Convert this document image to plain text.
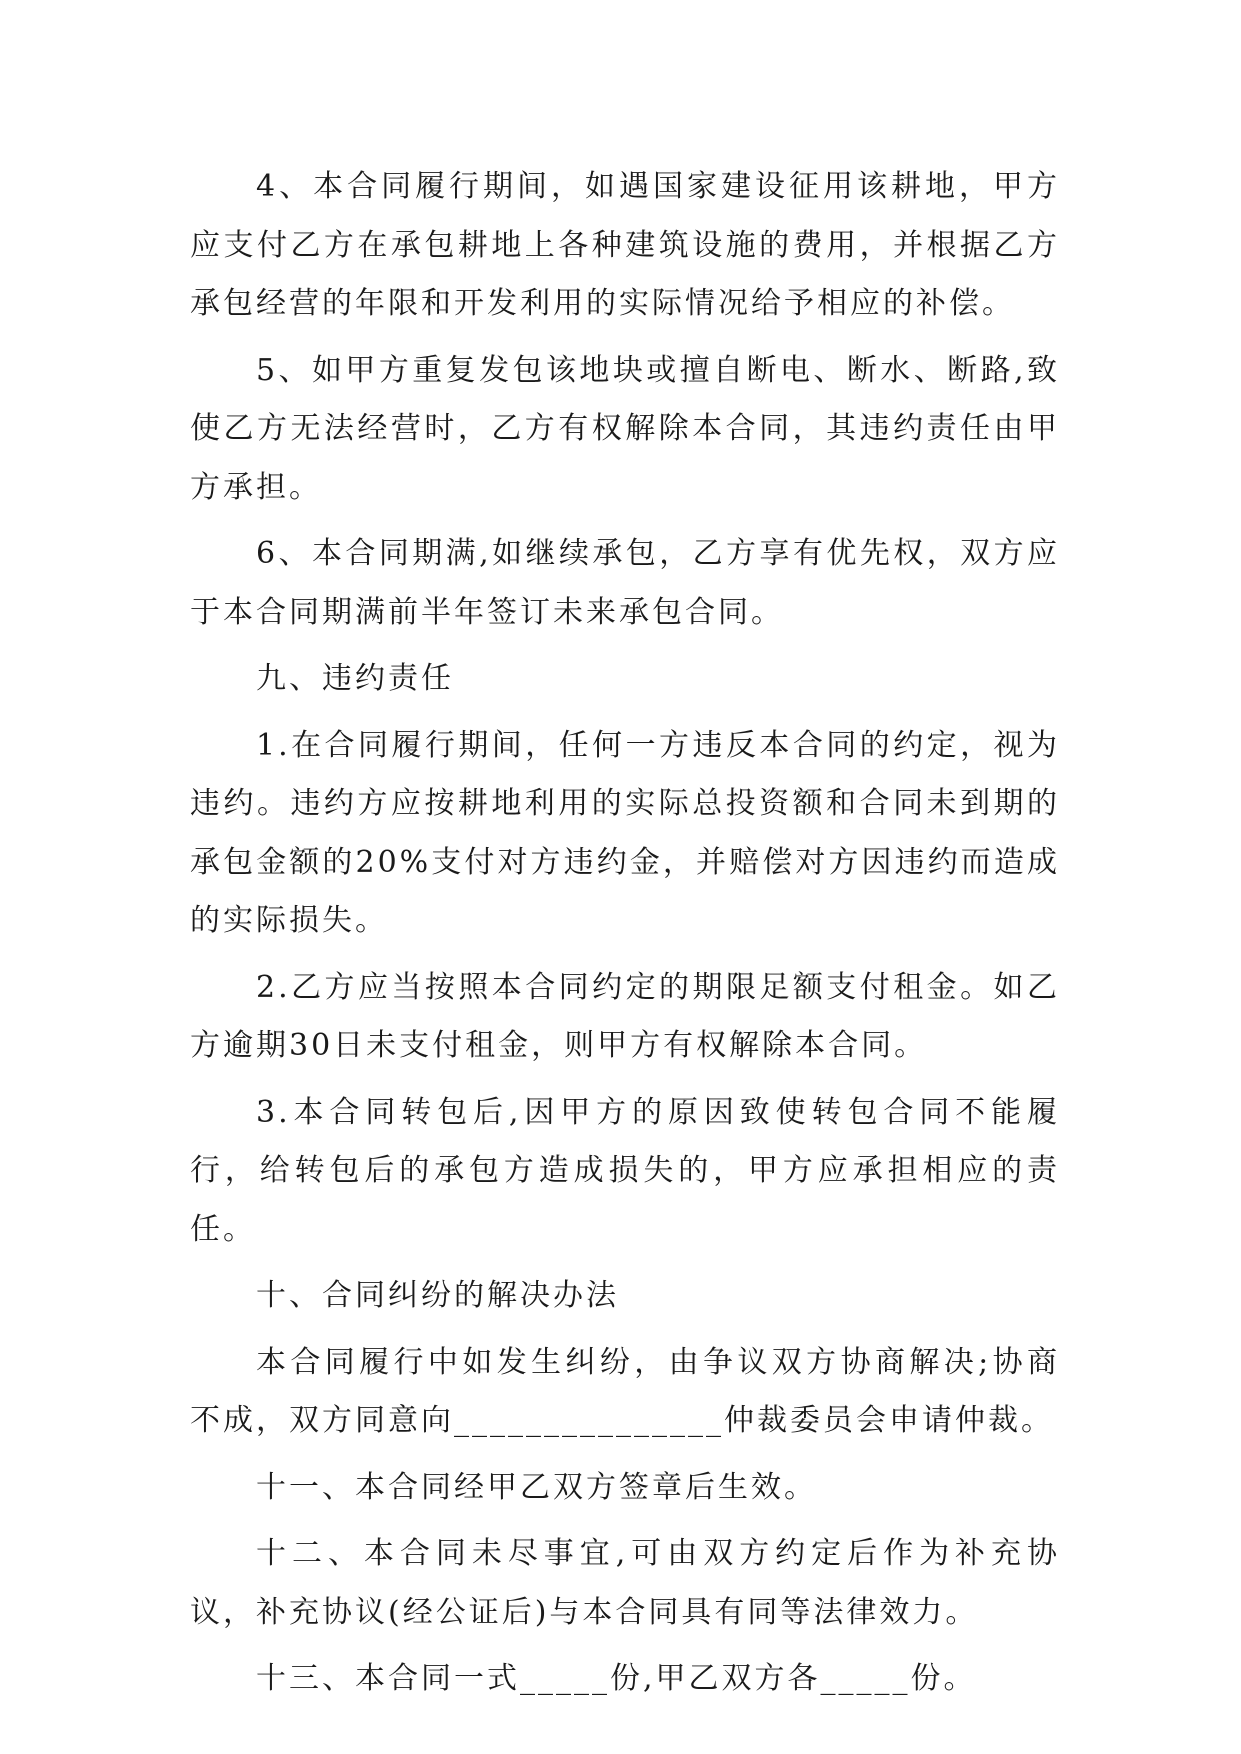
4、本合同履行期间，如遇国家建设征用该耕地，甲方应支付乙方在承包耕地上各种建筑设施的费用，并根据乙方承包经营的年限和开发利用的实际情况给予相应的补偿。

5、如甲方重复发包该地块或擅自断电、断水、断路,致使乙方无法经营时，乙方有权解除本合同，其违约责任由甲方承担。

6、本合同期满,如继续承包，乙方享有优先权，双方应于本合同期满前半年签订未来承包合同。

九、违约责任

1.在合同履行期间，任何一方违反本合同的约定，视为违约。违约方应按耕地利用的实际总投资额和合同未到期的承包金额的20%支付对方违约金，并赔偿对方因违约而造成的实际损失。

2.乙方应当按照本合同约定的期限足额支付租金。如乙方逾期30日未支付租金，则甲方有权解除本合同。

3.本合同转包后,因甲方的原因致使转包合同不能履行，给转包后的承包方造成损失的，甲方应承担相应的责任。

十、合同纠纷的解决办法

本合同履行中如发生纠纷，由争议双方协商解决;协商不成，双方同意向_______________仲裁委员会申请仲裁。

十一、本合同经甲乙双方签章后生效。

十二、本合同未尽事宜,可由双方约定后作为补充协议，补充协议(经公证后)与本合同具有同等法律效力。

十三、本合同一式_____份,甲乙双方各_____份。
